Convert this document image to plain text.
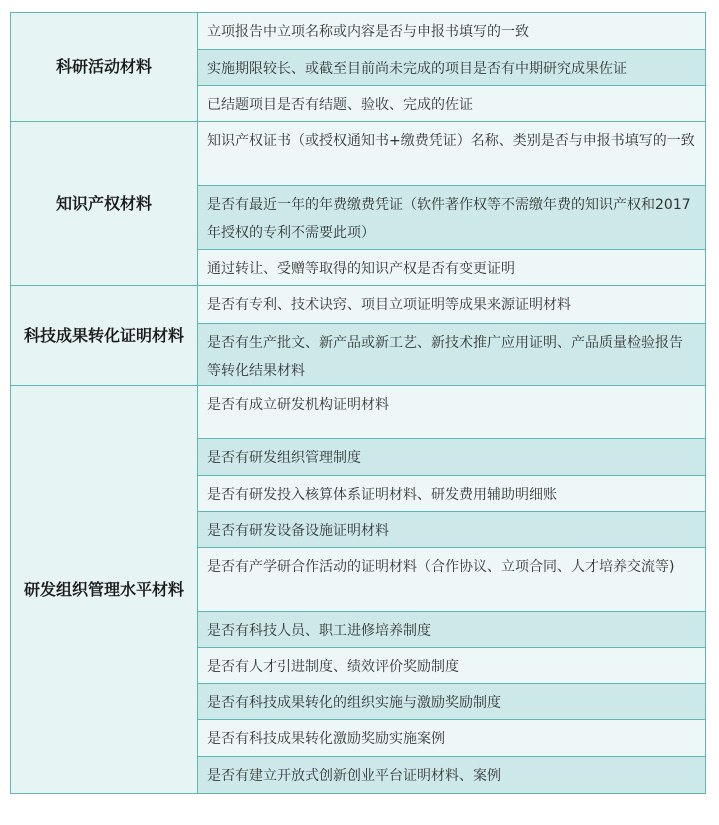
科研活动材料	立项报告中立项名称或内容是否与申报书填写的一致
	实施期限较长、或截至目前尚未完成的项目是否有中期研究成果佐证
	已结题项目是否有结题、验收、完成的佐证
知识产权材料	知识产权证书（或授权通知书+缴费凭证）名称、类别是否与申报书填写的一致
	是否有最近一年的年费缴费凭证（软件著作权等不需缴年费的知识产权和2017年授权的专利不需要此项）
	通过转让、受赠等取得的知识产权是否有变更证明
科技成果转化证明材料	是否有专利、技术诀窍、项目立项证明等成果来源证明材料
	是否有生产批文、新产品或新工艺、新技术推广应用证明、产品质量检验报告等转化结果材料
研发组织管理水平材料	是否有成立研发机构证明材料
	是否有研发组织管理制度
	是否有研发投入核算体系证明材料、研发费用辅助明细账
	是否有研发设备设施证明材料
	是否有产学研合作活动的证明材料（合作协议、立项合同、人才培养交流等)
	是否有科技人员、职工进修培养制度
	是否有人才引进制度、绩效评价奖励制度
	是否有科技成果转化的组织实施与激励奖励制度
	是否有科技成果转化激励奖励实施案例
	是否有建立开放式创新创业平台证明材料、案例
